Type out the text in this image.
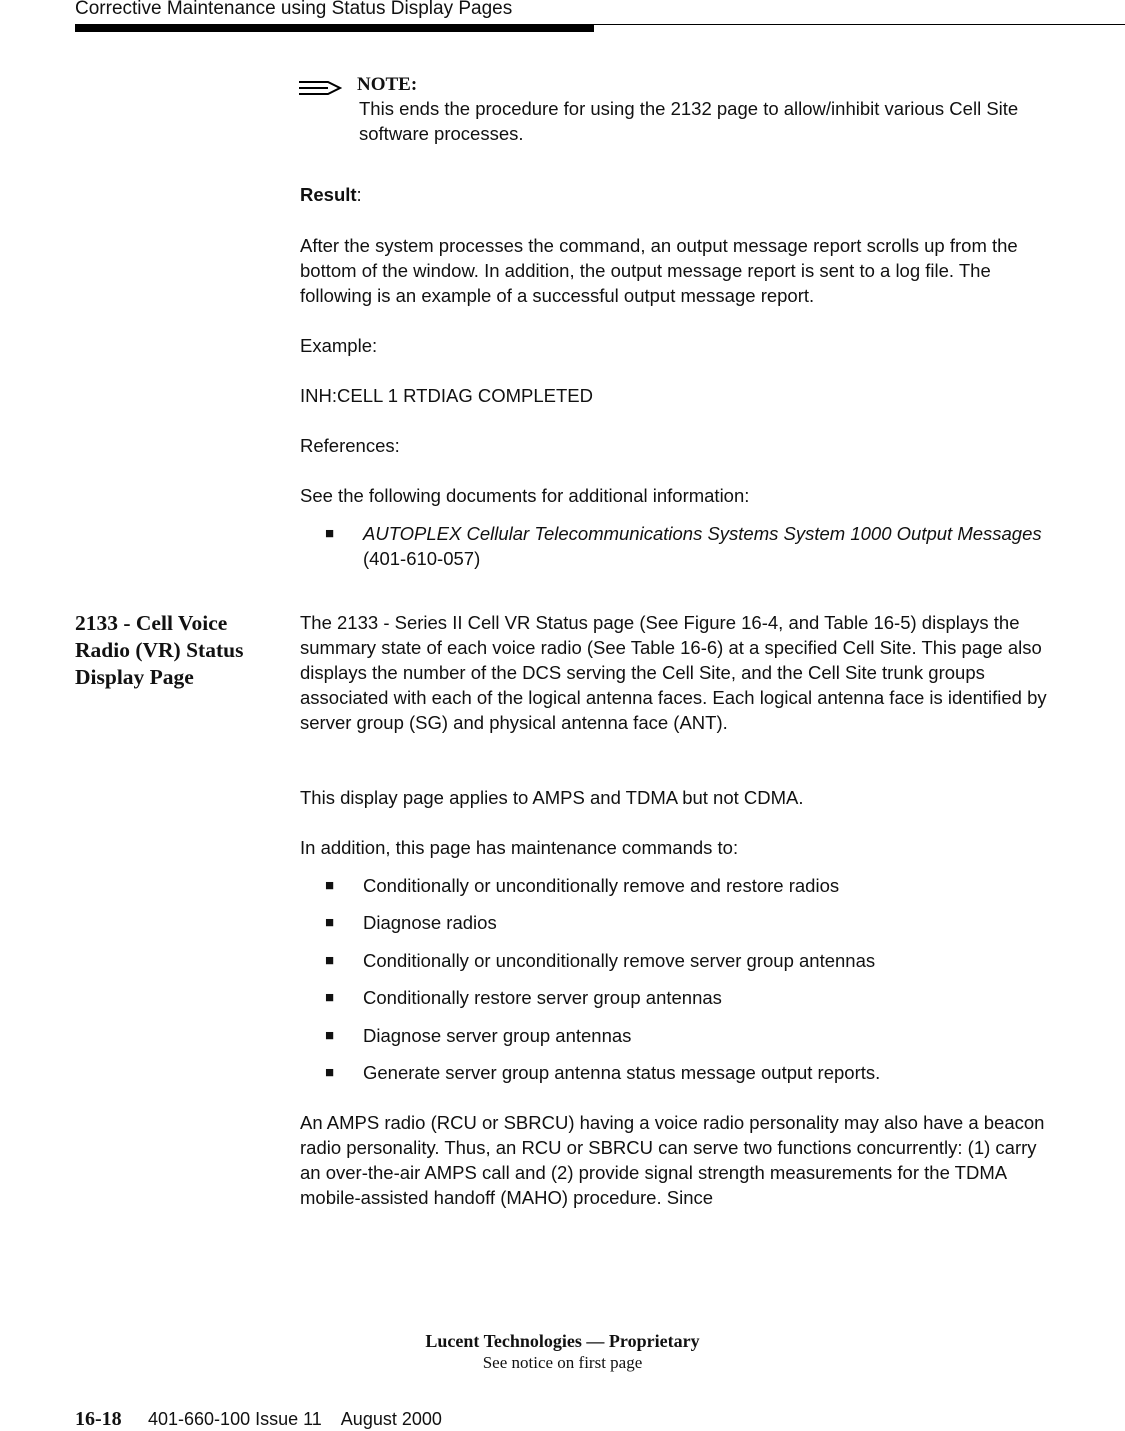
Corrective Maintenance using Status Display Pages
NOTE:
This ends the procedure for using the 2132 page to allow/inhibit various Cell Site software processes.

Result:

After the system processes the command, an output message report scrolls up from the bottom of the window. In addition, the output message report is sent to a log file. The following is an example of a successful output message report.

Example:

INH:CELL 1 RTDIAG COMPLETED

References:

See the following documents for additional information:

■ AUTOPLEX Cellular Telecommunications Systems System 1000 Output Messages (401-610-057)
2133 - Cell Voice Radio (VR) Status Display Page

The 2133 - Series II Cell VR Status page (See Figure 16-4, and Table 16-5) displays the summary state of each voice radio (See Table 16-6) at a specified Cell Site. This page also displays the number of the DCS serving the Cell Site, and the Cell Site trunk groups associated with each of the logical antenna faces. Each logical antenna face is identified by server group (SG) and physical antenna face (ANT).

This display page applies to AMPS and TDMA but not CDMA.

In addition, this page has maintenance commands to:

■ Conditionally or unconditionally remove and restore radios
■ Diagnose radios
■ Conditionally or unconditionally remove server group antennas
■ Conditionally restore server group antennas
■ Diagnose server group antennas
■ Generate server group antenna status message output reports.

An AMPS radio (RCU or SBRCU) having a voice radio personality may also have a beacon radio personality. Thus, an RCU or SBRCU can serve two functions concurrently: (1) carry an over-the-air AMPS call and (2) provide signal strength measurements for the TDMA mobile-assisted handoff (MAHO) procedure. Since

Lucent Technologies — Proprietary
See notice on first page
16-18 401-660-100 Issue 11    August 2000
